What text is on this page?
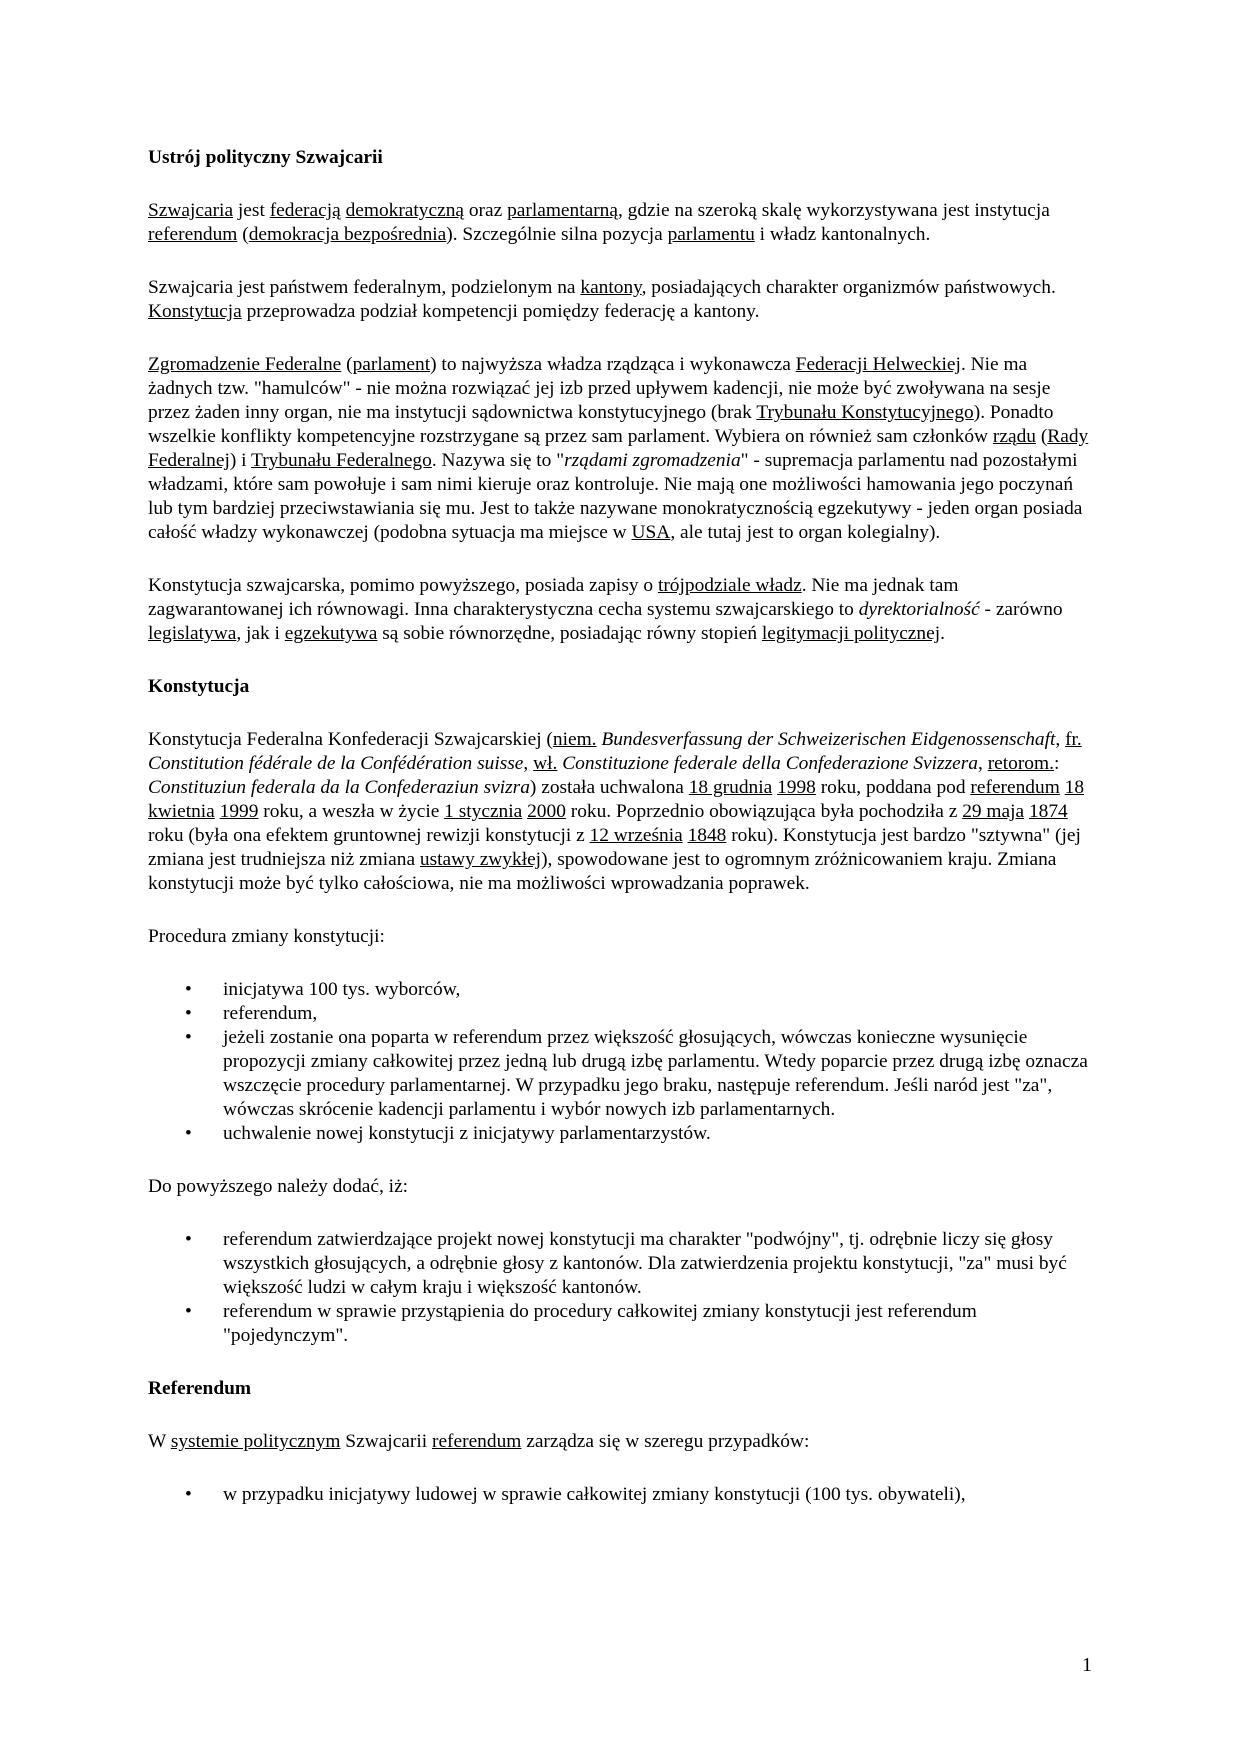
Ustrój polityczny Szwajcarii

Szwajcaria jest federacją demokratyczną oraz parlamentarną, gdzie na szeroką skalę wykorzystywana jest instytucja referendum (demokracja bezpośrednia). Szczególnie silna pozycja parlamentu i władz kantonalnych.

Szwajcaria jest państwem federalnym, podzielonym na kantony, posiadających charakter organizmów państwowych. Konstytucja przeprowadza podział kompetencji pomiędzy federację a kantony.

Zgromadzenie Federalne (parlament) to najwyższa władza rządząca i wykonawcza Federacji Helweckiej. Nie ma żadnych tzw. "hamulców" - nie można rozwiązać jej izb przed upływem kadencji, nie może być zwoływana na sesje przez żaden inny organ, nie ma instytucji sądownictwa konstytucyjnego (brak Trybunału Konstytucyjnego). Ponadto wszelkie konflikty kompetencyjne rozstrzygane są przez sam parlament. Wybiera on również sam członków rządu (Rady Federalnej) i Trybunału Federalnego. Nazywa się to "rządami zgromadzenia" - supremacja parlamentu nad pozostałymi władzami, które sam powołuje i sam nimi kieruje oraz kontroluje. Nie mają one możliwości hamowania jego poczynań lub tym bardziej przeciwstawiania się mu. Jest to także nazywane monokratycznością egzekutywy - jeden organ posiada całość władzy wykonawczej (podobna sytuacja ma miejsce w USA, ale tutaj jest to organ kolegialny).

Konstytucja szwajcarska, pomimo powyższego, posiada zapisy o trójpodziale władz. Nie ma jednak tam zagwarantowanej ich równowagi. Inna charakterystyczna cecha systemu szwajcarskiego to dyrektorialność - zarówno legislatywa, jak i egzekutywa są sobie równorzędne, posiadając równy stopień legitymacji politycznej.

Konstytucja

Konstytucja Federalna Konfederacji Szwajcarskiej (niem. Bundesverfassung der Schweizerischen Eidgenossenschaft, fr. Constitution fédérale de la Confédération suisse, wł. Constituzione federale della Confederazione Svizzera, retorom.: Constituziun federala da la Confederaziun svizra) została uchwalona 18 grudnia 1998 roku, poddana pod referendum 18 kwietnia 1999 roku, a weszła w życie 1 stycznia 2000 roku. Poprzednio obowiązująca była pochodziła z 29 maja 1874 roku (była ona efektem gruntownej rewizji konstytucji z 12 września 1848 roku). Konstytucja jest bardzo "sztywna" (jej zmiana jest trudniejsza niż zmiana ustawy zwykłej), spowodowane jest to ogromnym zróżnicowaniem kraju. Zmiana konstytucji może być tylko całościowa, nie ma możliwości wprowadzania poprawek.

Procedura zmiany konstytucji:

• inicjatywa 100 tys. wyborców,
• referendum,
• jeżeli zostanie ona poparta w referendum przez większość głosujących, wówczas konieczne wysunięcie propozycji zmiany całkowitej przez jedną lub drugą izbę parlamentu. Wtedy poparcie przez drugą izbę oznacza wszczęcie procedury parlamentarnej. W przypadku jego braku, następuje referendum. Jeśli naród jest "za", wówczas skrócenie kadencji parlamentu i wybór nowych izb parlamentarnych.
• uchwalenie nowej konstytucji z inicjatywy parlamentarzystów.

Do powyższego należy dodać, iż:

• referendum zatwierdzające projekt nowej konstytucji ma charakter "podwójny", tj. odrębnie liczy się głosy wszystkich głosujących, a odrębnie głosy z kantonów. Dla zatwierdzenia projektu konstytucji, "za" musi być większość ludzi w całym kraju i większość kantonów.
• referendum w sprawie przystąpienia do procedury całkowitej zmiany konstytucji jest referendum "pojedynczym".
Referendum

W systemie politycznym Szwajcarii referendum zarządza się w szeregu przypadków:

• w przypadku inicjatywy ludowej w sprawie całkowitej zmiany konstytucji (100 tys. obywateli),
1
